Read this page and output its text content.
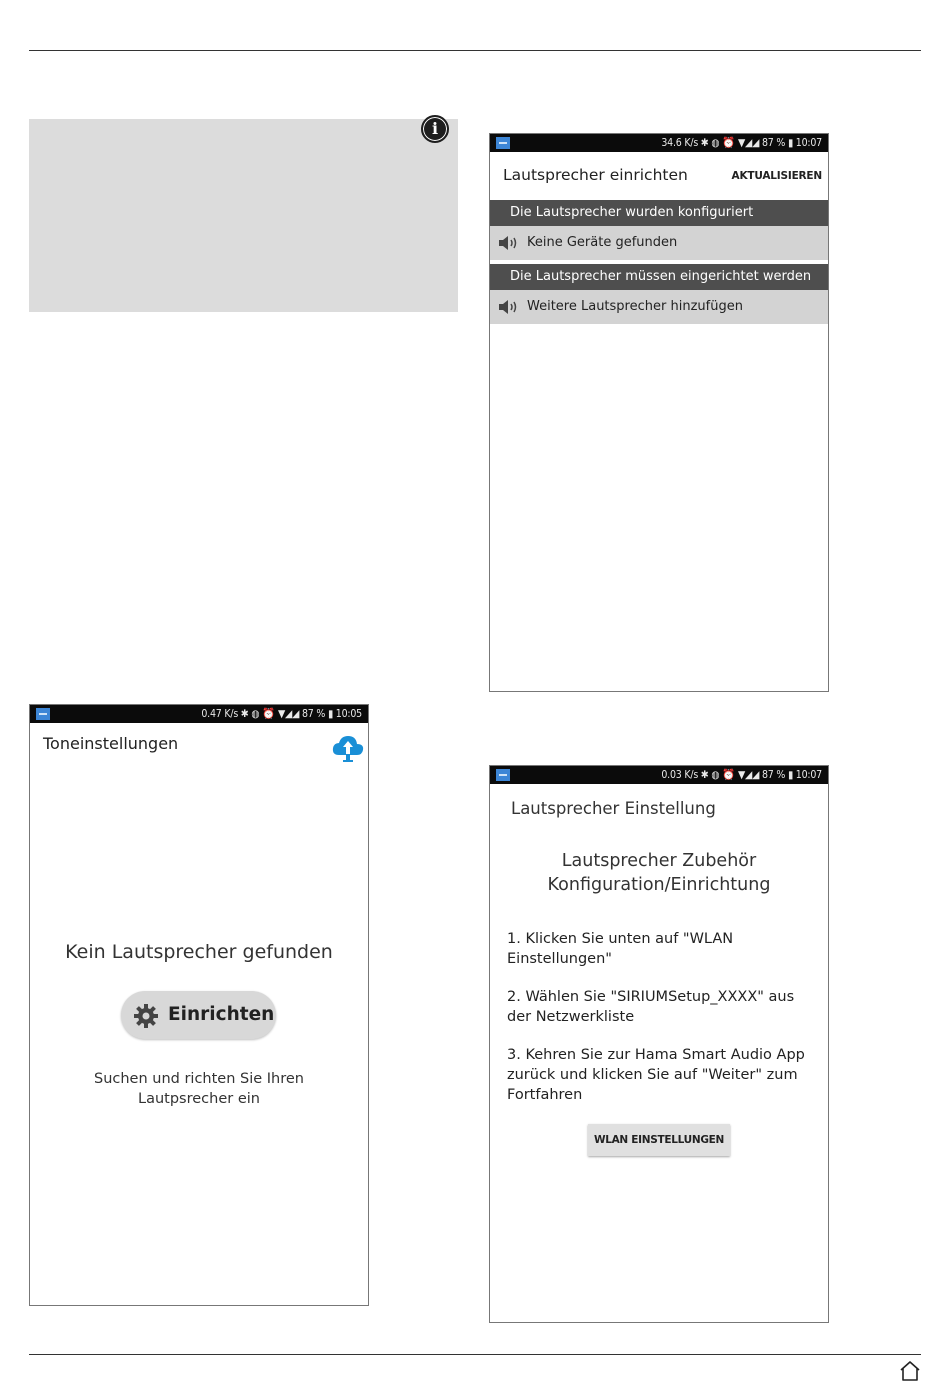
i
34.6 K/s ✱ ◍ ⏰ ▼◢◢ 87 % ▮ 10:07
Lautsprecher einrichten	AKTUALISIEREN
Die Lautsprecher wurden konfiguriert
Keine Geräte gefunden
Die Lautsprecher müssen eingerichtet werden
Weitere Lautsprecher hinzufügen
0.47 K/s ✱ ◍ ⏰ ▼◢◢ 87 % ▮ 10:05
Toneinstellungen
Kein Lautsprecher gefunden
Einrichten
Suchen und richten Sie Ihren Lautpsrecher ein
0.03 K/s ✱ ◍ ⏰ ▼◢◢ 87 % ▮ 10:07
Lautsprecher Einstellung
Lautsprecher Zubehör
Konfiguration/Einrichtung
1. Klicken Sie unten auf "WLAN Einstellungen"
2. Wählen Sie "SIRIUMSetup_XXXX" aus der Netzwerkliste
3. Kehren Sie zur Hama Smart Audio App zurück und klicken Sie auf "Weiter" zum Fortfahren
WLAN EINSTELLUNGEN
